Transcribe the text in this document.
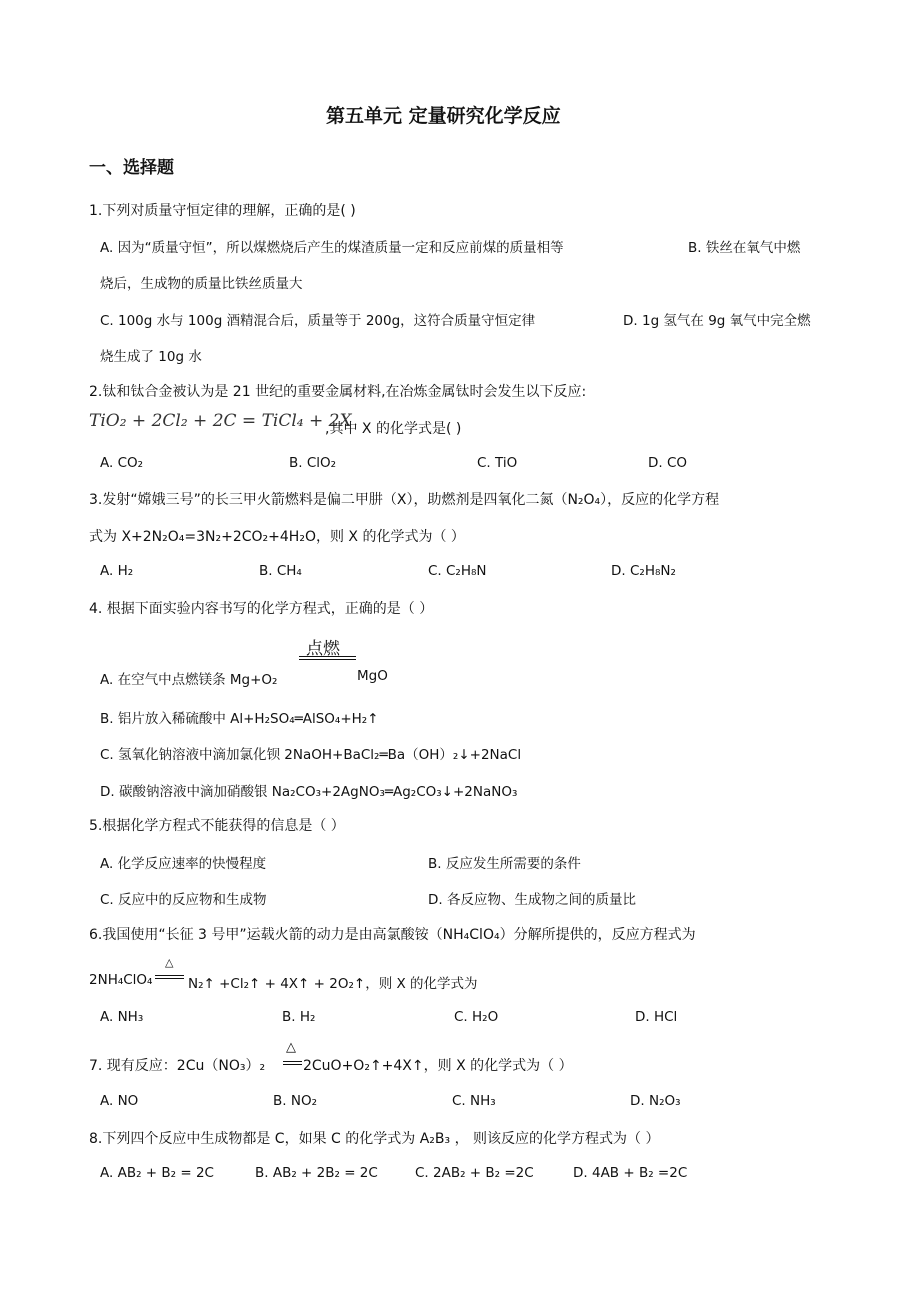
第五单元 定量研究化学反应
一、选择题
1.下列对质量守恒定律的理解，正确的是( )
A. 因为“质量守恒”，所以煤燃烧后产生的煤渣质量一定和反应前煤的质量相等	B. 铁丝在氧气中燃
烧后，生成物的质量比铁丝质量大
C. 100g 水与 100g 酒精混合后，质量等于 200g，这符合质量守恒定律	D. 1g 氢气在 9g 氧气中完全燃
烧生成了 10g 水
2.钛和钛合金被认为是 21 世纪的重要金属材料,在冶炼金属钛时会发生以下反应:
TiO₂ + 2Cl₂ + 2C = TiCl₄ + 2X
,其中 X 的化学式是( )
A. CO₂	B. ClO₂	C. TiO	D. CO
3.发射“嫦娥三号”的长三甲火箭燃料是偏二甲肼（X），助燃剂是四氧化二氮（N₂O₄），反应的化学方程
式为 X+2N₂O₄=3N₂+2CO₂+4H₂O，则 X 的化学式为（ ）
A. H₂	B. CH₄	C. C₂H₈N	D. C₂H₈N₂
4. 根据下面实验内容书写的化学方程式，正确的是（ ）
点燃
A. 在空气中点燃镁条 Mg+O₂	MgO
B. 铝片放入稀硫酸中 Al+H₂SO₄═AlSO₄+H₂↑
C. 氢氧化钠溶液中滴加氯化钡 2NaOH+BaCl₂═Ba（OH）₂↓+2NaCl
D. 碳酸钠溶液中滴加硝酸银 Na₂CO₃+2AgNO₃═Ag₂CO₃↓+2NaNO₃
5.根据化学方程式不能获得的信息是（ ）
A. 化学反应速率的快慢程度	B. 反应发生所需要的条件
C. 反应中的反应物和生成物	D. 各反应物、生成物之间的质量比
6.我国使用“长征 3 号甲”运载火箭的动力是由高氯酸铵（NH₄ClO₄）分解所提供的，反应方程式为
2NH₄ClO₄
△
N₂↑ +Cl₂↑ + 4X↑ + 2O₂↑，则 X 的化学式为
A. NH₃	B. H₂	C. H₂O	D. HCl
7. 现有反应：2Cu（NO₃）₂
△
2CuO+O₂↑+4X↑，则 X 的化学式为（ ）
A. NO	B. NO₂	C. NH₃	D. N₂O₃
8.下列四个反应中生成物都是 C，如果 C 的化学式为 A₂B₃ ， 则该反应的化学方程式为（ ）
A. AB₂ + B₂ = 2C	B. AB₂ + 2B₂ = 2C	C. 2AB₂ + B₂ =2C	D. 4AB + B₂ =2C
